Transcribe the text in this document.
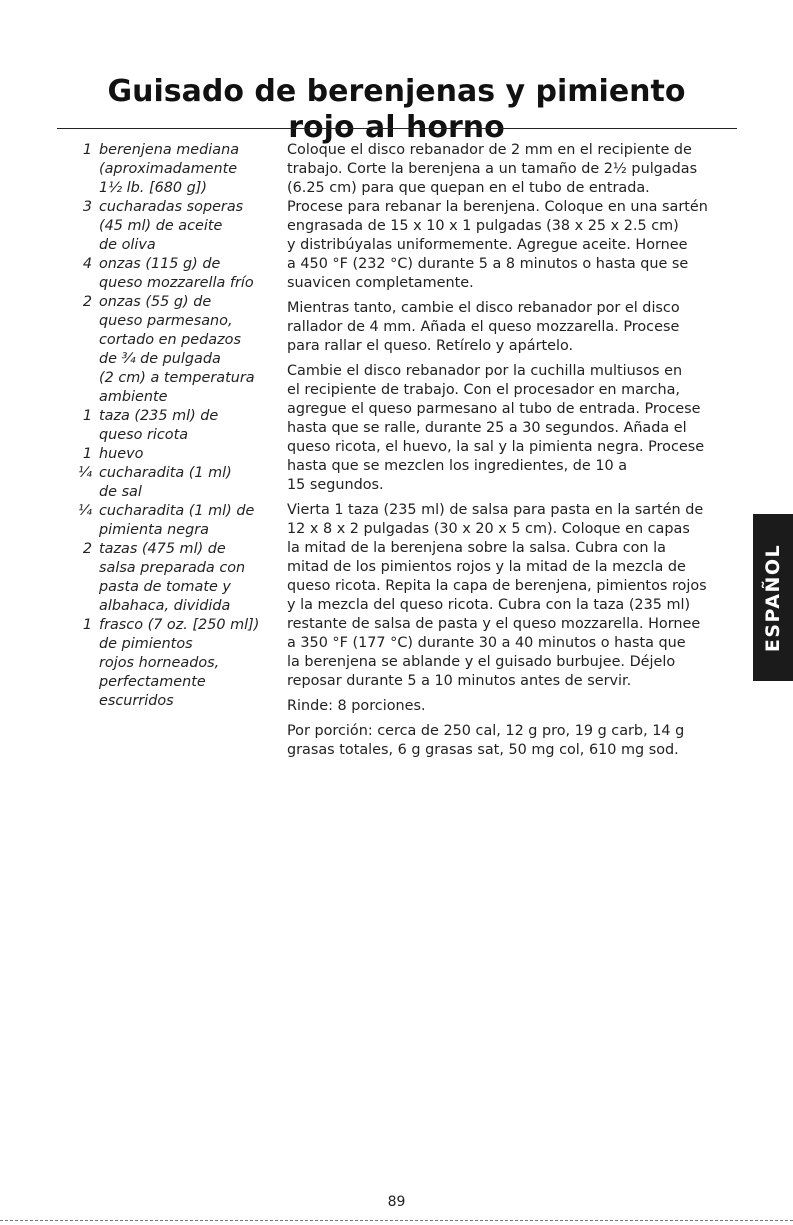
Guisado de berenjenas y pimiento
rojo al horno
1 berenjena mediana
(aproximadamente
1½ lb. [680 g])
3 cucharadas soperas
(45 ml) de aceite
de oliva
4 onzas (115 g) de
queso mozzarella frío
2 onzas (55 g) de
queso parmesano,
cortado en pedazos
de ¾ de pulgada
(2 cm) a temperatura
ambiente
1 taza (235 ml) de
queso ricota
1 huevo
¼ cucharadita (1 ml)
de sal
¼ cucharadita (1 ml) de
pimienta negra
2 tazas (475 ml) de
salsa preparada con
pasta de tomate y
albahaca, dividida
1 frasco (7 oz. [250 ml])
de pimientos
rojos horneados,
perfectamente
escurridos

Coloque el disco rebanador de 2 mm en el recipiente de
trabajo. Corte la berenjena a un tamaño de 2½ pulgadas
(6.25 cm) para que quepan en el tubo de entrada.
Procese para rebanar la berenjena. Coloque en una sartén
engrasada de 15 x 10 x 1 pulgadas (38 x 25 x 2.5 cm)
y distribúyalas uniformemente. Agregue aceite. Hornee
a 450 °F (232 °C) durante 5 a 8 minutos o hasta que se
suavicen completamente.

Mientras tanto, cambie el disco rebanador por el disco
rallador de 4 mm. Añada el queso mozzarella. Procese
para rallar el queso. Retírelo y apártelo.

Cambie el disco rebanador por la cuchilla multiusos en
el recipiente de trabajo. Con el procesador en marcha,
agregue el queso parmesano al tubo de entrada. Procese
hasta que se ralle, durante 25 a 30 segundos. Añada el
queso ricota, el huevo, la sal y la pimienta negra. Procese
hasta que se mezclen los ingredientes, de 10 a
15 segundos.

Vierta 1 taza (235 ml) de salsa para pasta en la sartén de
12 x 8 x 2 pulgadas (30 x 20 x 5 cm). Coloque en capas
la mitad de la berenjena sobre la salsa. Cubra con la
mitad de los pimientos rojos y la mitad de la mezcla de
queso ricota. Repita la capa de berenjena, pimientos rojos
y la mezcla del queso ricota. Cubra con la taza (235 ml)
restante de salsa de pasta y el queso mozzarella. Hornee
a 350 °F (177 °C) durante 30 a 40 minutos o hasta que
la berenjena se ablande y el guisado burbujee. Déjelo
reposar durante 5 a 10 minutos antes de servir.

Rinde: 8 porciones.

Por porción: cerca de 250 cal, 12 g pro, 19 g carb, 14 g
grasas totales, 6 g grasas sat, 50 mg col, 610 mg sod.

ESPAÑOL
89
